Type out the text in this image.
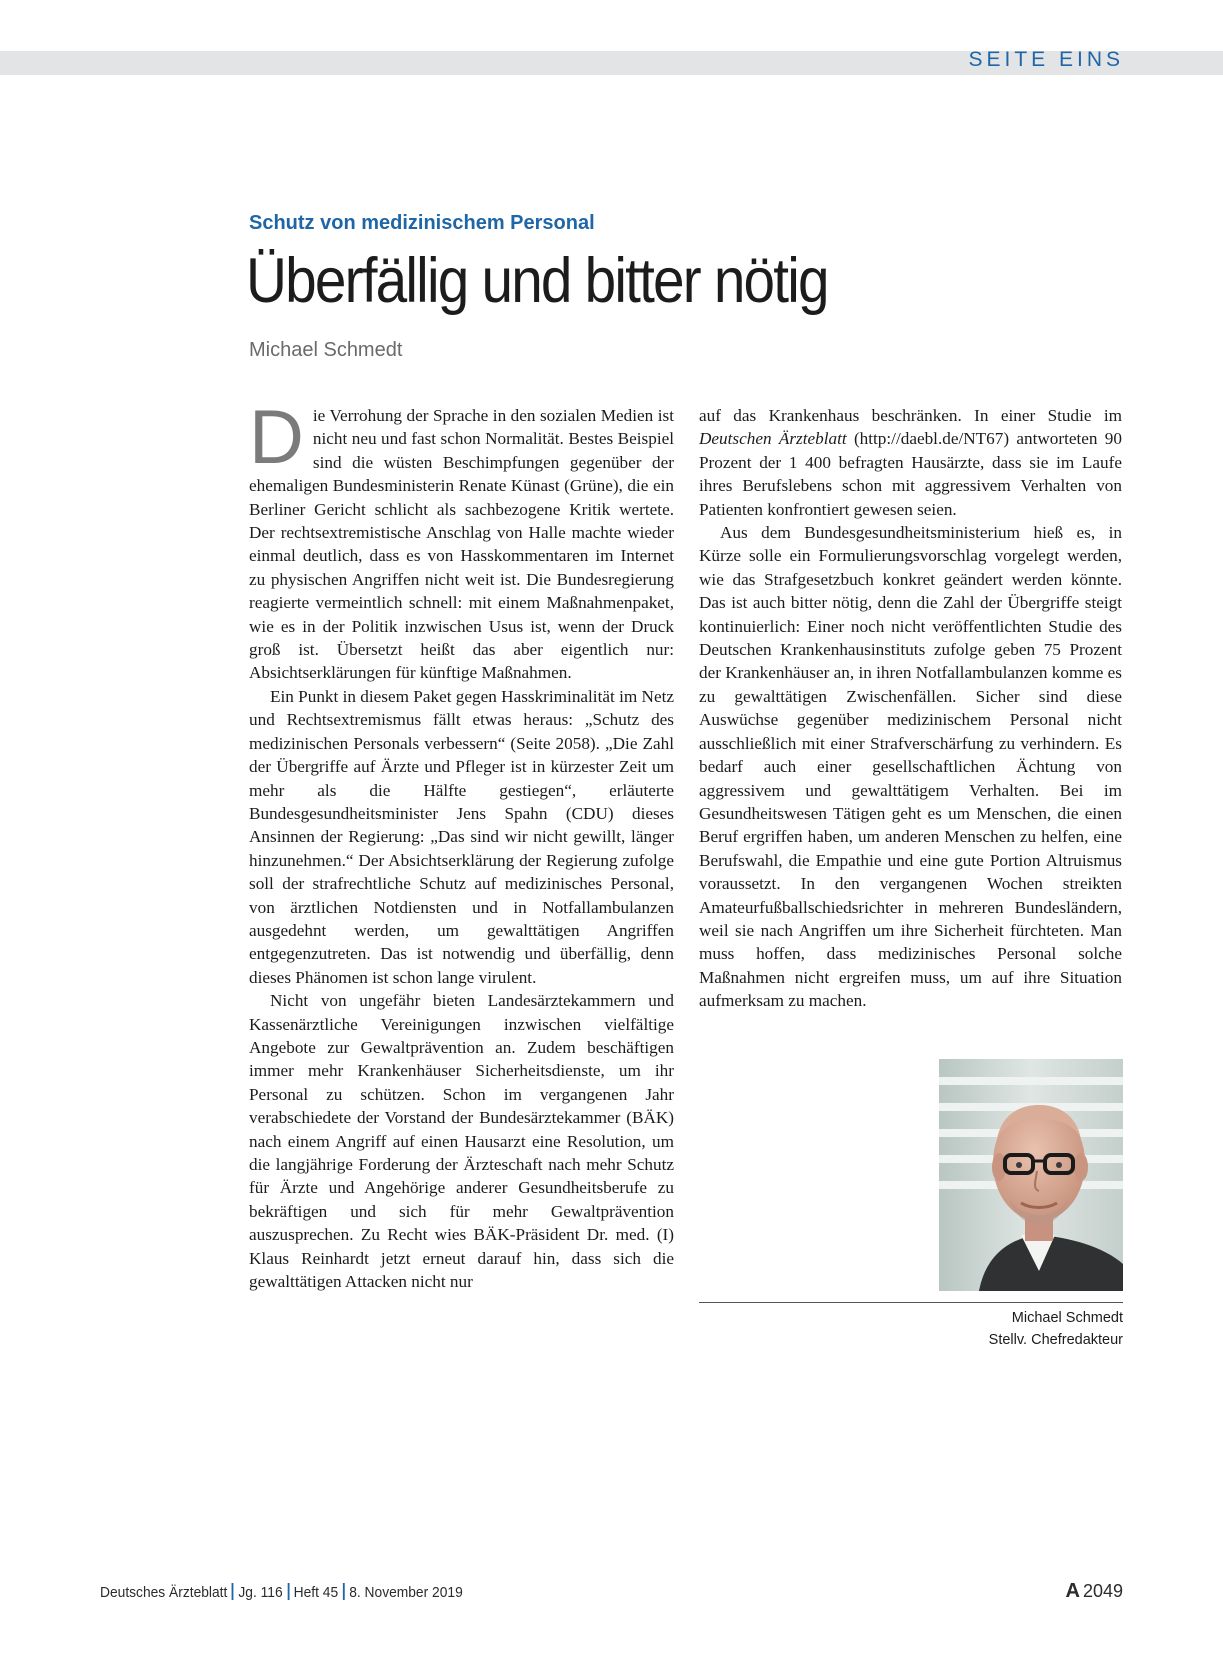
SEITE EINS
Schutz von medizinischem Personal
Überfällig und bitter nötig
Michael Schmedt

Die Verrohung der Sprache in den sozialen Medien ist nicht neu und fast schon Normalität. Bestes Beispiel sind die wüsten Beschimpfungen gegenüber der ehemaligen Bundesministerin Renate Künast (Grüne), die ein Berliner Gericht schlicht als sachbezogene Kritik wertete. Der rechtsextremistische Anschlag von Halle machte wieder einmal deutlich, dass es von Hasskommentaren im Internet zu physischen Angriffen nicht weit ist. Die Bundesregierung reagierte vermeintlich schnell: mit einem Maßnahmenpaket, wie es in der Politik inzwischen Usus ist, wenn der Druck groß ist. Übersetzt heißt das aber eigentlich nur: Absichtserklärungen für künftige Maßnahmen.

Ein Punkt in diesem Paket gegen Hasskriminalität im Netz und Rechtsextremismus fällt etwas heraus: „Schutz des medizinischen Personals verbessern“ (Seite 2058). „Die Zahl der Übergriffe auf Ärzte und Pfleger ist in kürzester Zeit um mehr als die Hälfte gestiegen“, erläuterte Bundesgesundheitsminister Jens Spahn (CDU) dieses Ansinnen der Regierung: „Das sind wir nicht gewillt, länger hinzunehmen.“ Der Absichtserklärung der Regierung zufolge soll der strafrechtliche Schutz auf medizinisches Personal, von ärztlichen Notdiensten und in Notfallambulanzen ausgedehnt werden, um gewalttätigen Angriffen entgegenzutreten. Das ist notwendig und überfällig, denn dieses Phänomen ist schon lange virulent.

Nicht von ungefähr bieten Landesärztekammern und Kassenärztliche Vereinigungen inzwischen vielfältige Angebote zur Gewaltprävention an. Zudem beschäftigen immer mehr Krankenhäuser Sicherheitsdienste, um ihr Personal zu schützen. Schon im vergangenen Jahr verabschiedete der Vorstand der Bundesärztekammer (BÄK) nach einem Angriff auf einen Hausarzt eine Resolution, um die langjährige Forderung der Ärzteschaft nach mehr Schutz für Ärzte und Angehörige anderer Gesundheitsberufe zu bekräftigen und sich für mehr Gewaltprävention auszusprechen. Zu Recht wies BÄK-Präsident Dr. med. (I) Klaus Reinhardt jetzt erneut darauf hin, dass sich die gewalttätigen Attacken nicht nur

auf das Krankenhaus beschränken. In einer Studie im Deutschen Ärzteblatt (http://daebl.de/NT67) antworteten 90 Prozent der 1 400 befragten Hausärzte, dass sie im Laufe ihres Berufslebens schon mit aggressivem Verhalten von Patienten konfrontiert gewesen seien.

Aus dem Bundesgesundheitsministerium hieß es, in Kürze solle ein Formulierungsvorschlag vorgelegt werden, wie das Strafgesetzbuch konkret geändert werden könnte. Das ist auch bitter nötig, denn die Zahl der Übergriffe steigt kontinuierlich: Einer noch nicht veröffentlichten Studie des Deutschen Krankenhausinstituts zufolge geben 75 Prozent der Krankenhäuser an, in ihren Notfallambulanzen komme es zu gewalttätigen Zwischenfällen. Sicher sind diese Auswüchse gegenüber medizinischem Personal nicht ausschließlich mit einer Strafverschärfung zu verhindern. Es bedarf auch einer gesellschaftlichen Ächtung von aggressivem und gewalttätigem Verhalten. Bei im Gesundheitswesen Tätigen geht es um Menschen, die einen Beruf ergriffen haben, um anderen Menschen zu helfen, eine Berufswahl, die Empathie und eine gute Portion Altruismus voraussetzt. In den vergangenen Wochen streikten Amateurfußballschiedsrichter in mehreren Bundesländern, weil sie nach Angriffen um ihre Sicherheit fürchteten. Man muss hoffen, dass medizinisches Personal solche Maßnahmen nicht ergreifen muss, um auf ihre Situation aufmerksam zu machen.

Michael Schmedt
Stellv. Chefredakteur
Deutsches Ärzteblatt Jg. 116 Heft 45 8. November 2019	A 2049
